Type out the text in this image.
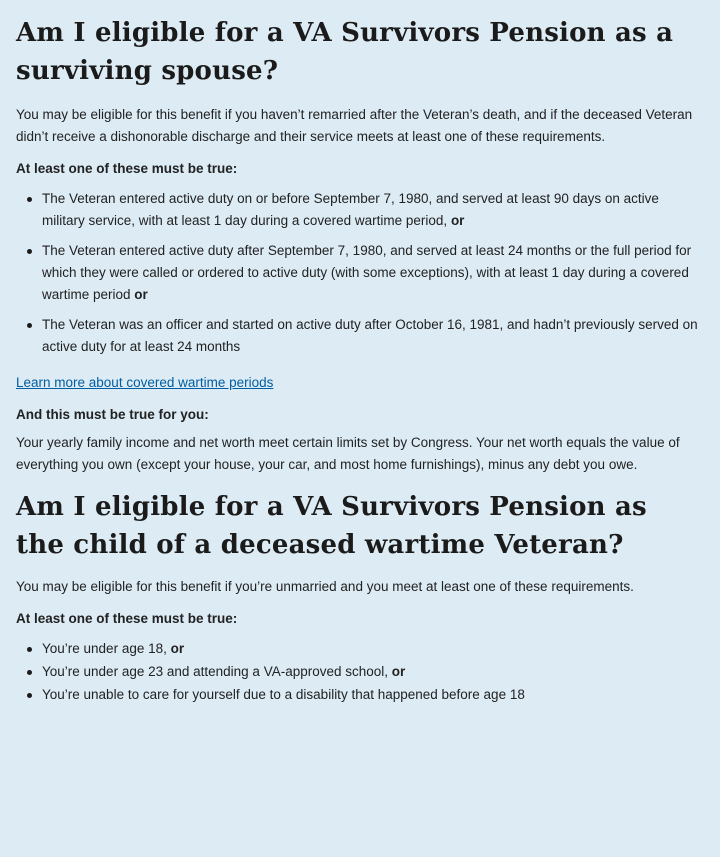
Am I eligible for a VA Survivors Pension as a surviving spouse?

You may be eligible for this benefit if you haven’t remarried after the Veteran’s death, and if the deceased Veteran didn’t receive a dishonorable discharge and their service meets at least one of these requirements.

At least one of these must be true:

The Veteran entered active duty on or before September 7, 1980, and served at least 90 days on active military service, with at least 1 day during a covered wartime period, or
The Veteran entered active duty after September 7, 1980, and served at least 24 months or the full period for which they were called or ordered to active duty (with some exceptions), with at least 1 day during a covered wartime period or
The Veteran was an officer and started on active duty after October 16, 1981, and hadn’t previously served on active duty for at least 24 months
Learn more about covered wartime periods

And this must be true for you:

Your yearly family income and net worth meet certain limits set by Congress. Your net worth equals the value of everything you own (except your house, your car, and most home furnishings), minus any debt you owe.

Am I eligible for a VA Survivors Pension as the child of a deceased wartime Veteran?

You may be eligible for this benefit if you’re unmarried and you meet at least one of these requirements.

At least one of these must be true:

You’re under age 18, or
You’re under age 23 and attending a VA-approved school, or
You’re unable to care for yourself due to a disability that happened before age 18
